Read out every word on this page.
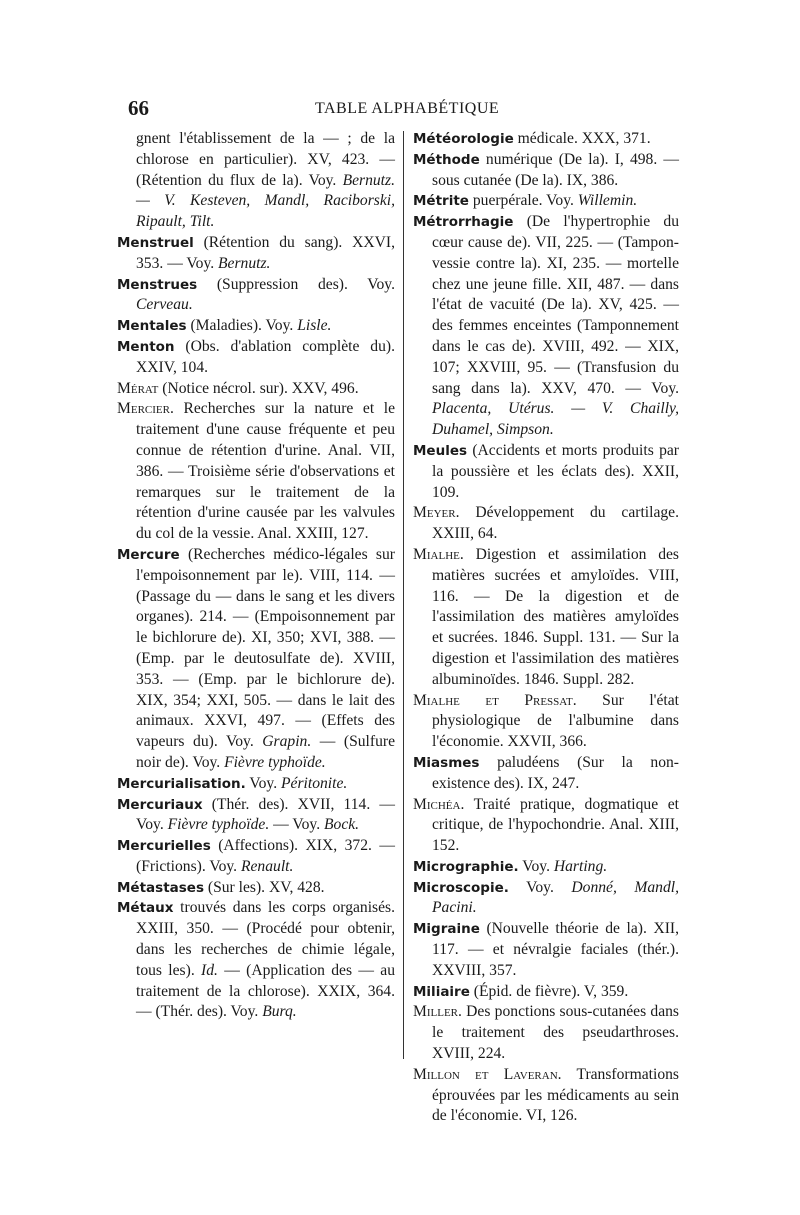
66	TABLE ALPHABÉTIQUE

gnent l'établissement de la — ; de la chlorose en particulier). XV, 423. — (Rétention du flux de la). Voy. Bernutz. — V. Kesteven, Mandl, Raciborski, Ripault, Tilt.

Menstruel (Rétention du sang). XXVI, 353. — Voy. Bernutz.

Menstrues (Suppression des). Voy. Cerveau.

Mentales (Maladies). Voy. Lisle.

Menton (Obs. d'ablation complète du). XXIV, 104.

Mérat (Notice nécrol. sur). XXV, 496.

Mercier. Recherches sur la nature et le traitement d'une cause fréquente et peu connue de rétention d'urine. Anal. VII, 386. — Troisième série d'observations et remarques sur le traitement de la rétention d'urine causée par les valvules du col de la vessie. Anal. XXIII, 127.

Mercure (Recherches médico-légales sur l'empoisonnement par le). VIII, 114. — (Passage du — dans le sang et les divers organes). 214. — (Empoisonnement par le bichlorure de). XI, 350; XVI, 388. — (Emp. par le deutosulfate de). XVIII, 353. — (Emp. par le bichlorure de). XIX, 354; XXI, 505. — dans le lait des animaux. XXVI, 497. — (Effets des vapeurs du). Voy. Grapin. — (Sulfure noir de). Voy. Fièvre typhoïde.

Mercurialisation. Voy. Péritonite.

Mercuriaux (Thér. des). XVII, 114. — Voy. Fièvre typhoïde. — Voy. Bock.

Mercurielles (Affections). XIX, 372. — (Frictions). Voy. Renault.

Métastases (Sur les). XV, 428.

Métaux trouvés dans les corps organisés. XXIII, 350. — (Procédé pour obtenir, dans les recherches de chimie légale, tous les). Id. — (Application des — au traitement de la chlorose). XXIX, 364. — (Thér. des). Voy. Burq.

Météorologie médicale. XXX, 371.

Méthode numérique (De la). I, 498. — sous cutanée (De la). IX, 386.

Métrite puerpérale. Voy. Willemin.

Métrorrhagie (De l'hypertrophie du cœur cause de). VII, 225. — (Tampon-vessie contre la). XI, 235. — mortelle chez une jeune fille. XII, 487. — dans l'état de vacuité (De la). XV, 425. — des femmes enceintes (Tamponnement dans le cas de). XVIII, 492. — XIX, 107; XXVIII, 95. — (Transfusion du sang dans la). XXV, 470. — Voy. Placenta, Utérus. — V. Chailly, Duhamel, Simpson.

Meules (Accidents et morts produits par la poussière et les éclats des). XXII, 109.

Meyer. Développement du cartilage. XXIII, 64.

Mialhe. Digestion et assimilation des matières sucrées et amyloïdes. VIII, 116. — De la digestion et de l'assimilation des matières amyloïdes et sucrées. 1846. Suppl. 131. — Sur la digestion et l'assimilation des matières albuminoïdes. 1846. Suppl. 282.

Mialhe et Pressat. Sur l'état physiologique de l'albumine dans l'économie. XXVII, 366.

Miasmes paludéens (Sur la non-existence des). IX, 247.

Michéa. Traité pratique, dogmatique et critique, de l'hypochondrie. Anal. XIII, 152.

Micrographie. Voy. Harting.

Microscopie. Voy. Donné, Mandl, Pacini.

Migraine (Nouvelle théorie de la). XII, 117. — et névralgie faciales (thér.). XXVIII, 357.

Miliaire (Épid. de fièvre). V, 359.

Miller. Des ponctions sous-cutanées dans le traitement des pseudarthroses. XVIII, 224.

Millon et Laveran. Transformations éprouvées par les médicaments au sein de l'économie. VI, 126.
